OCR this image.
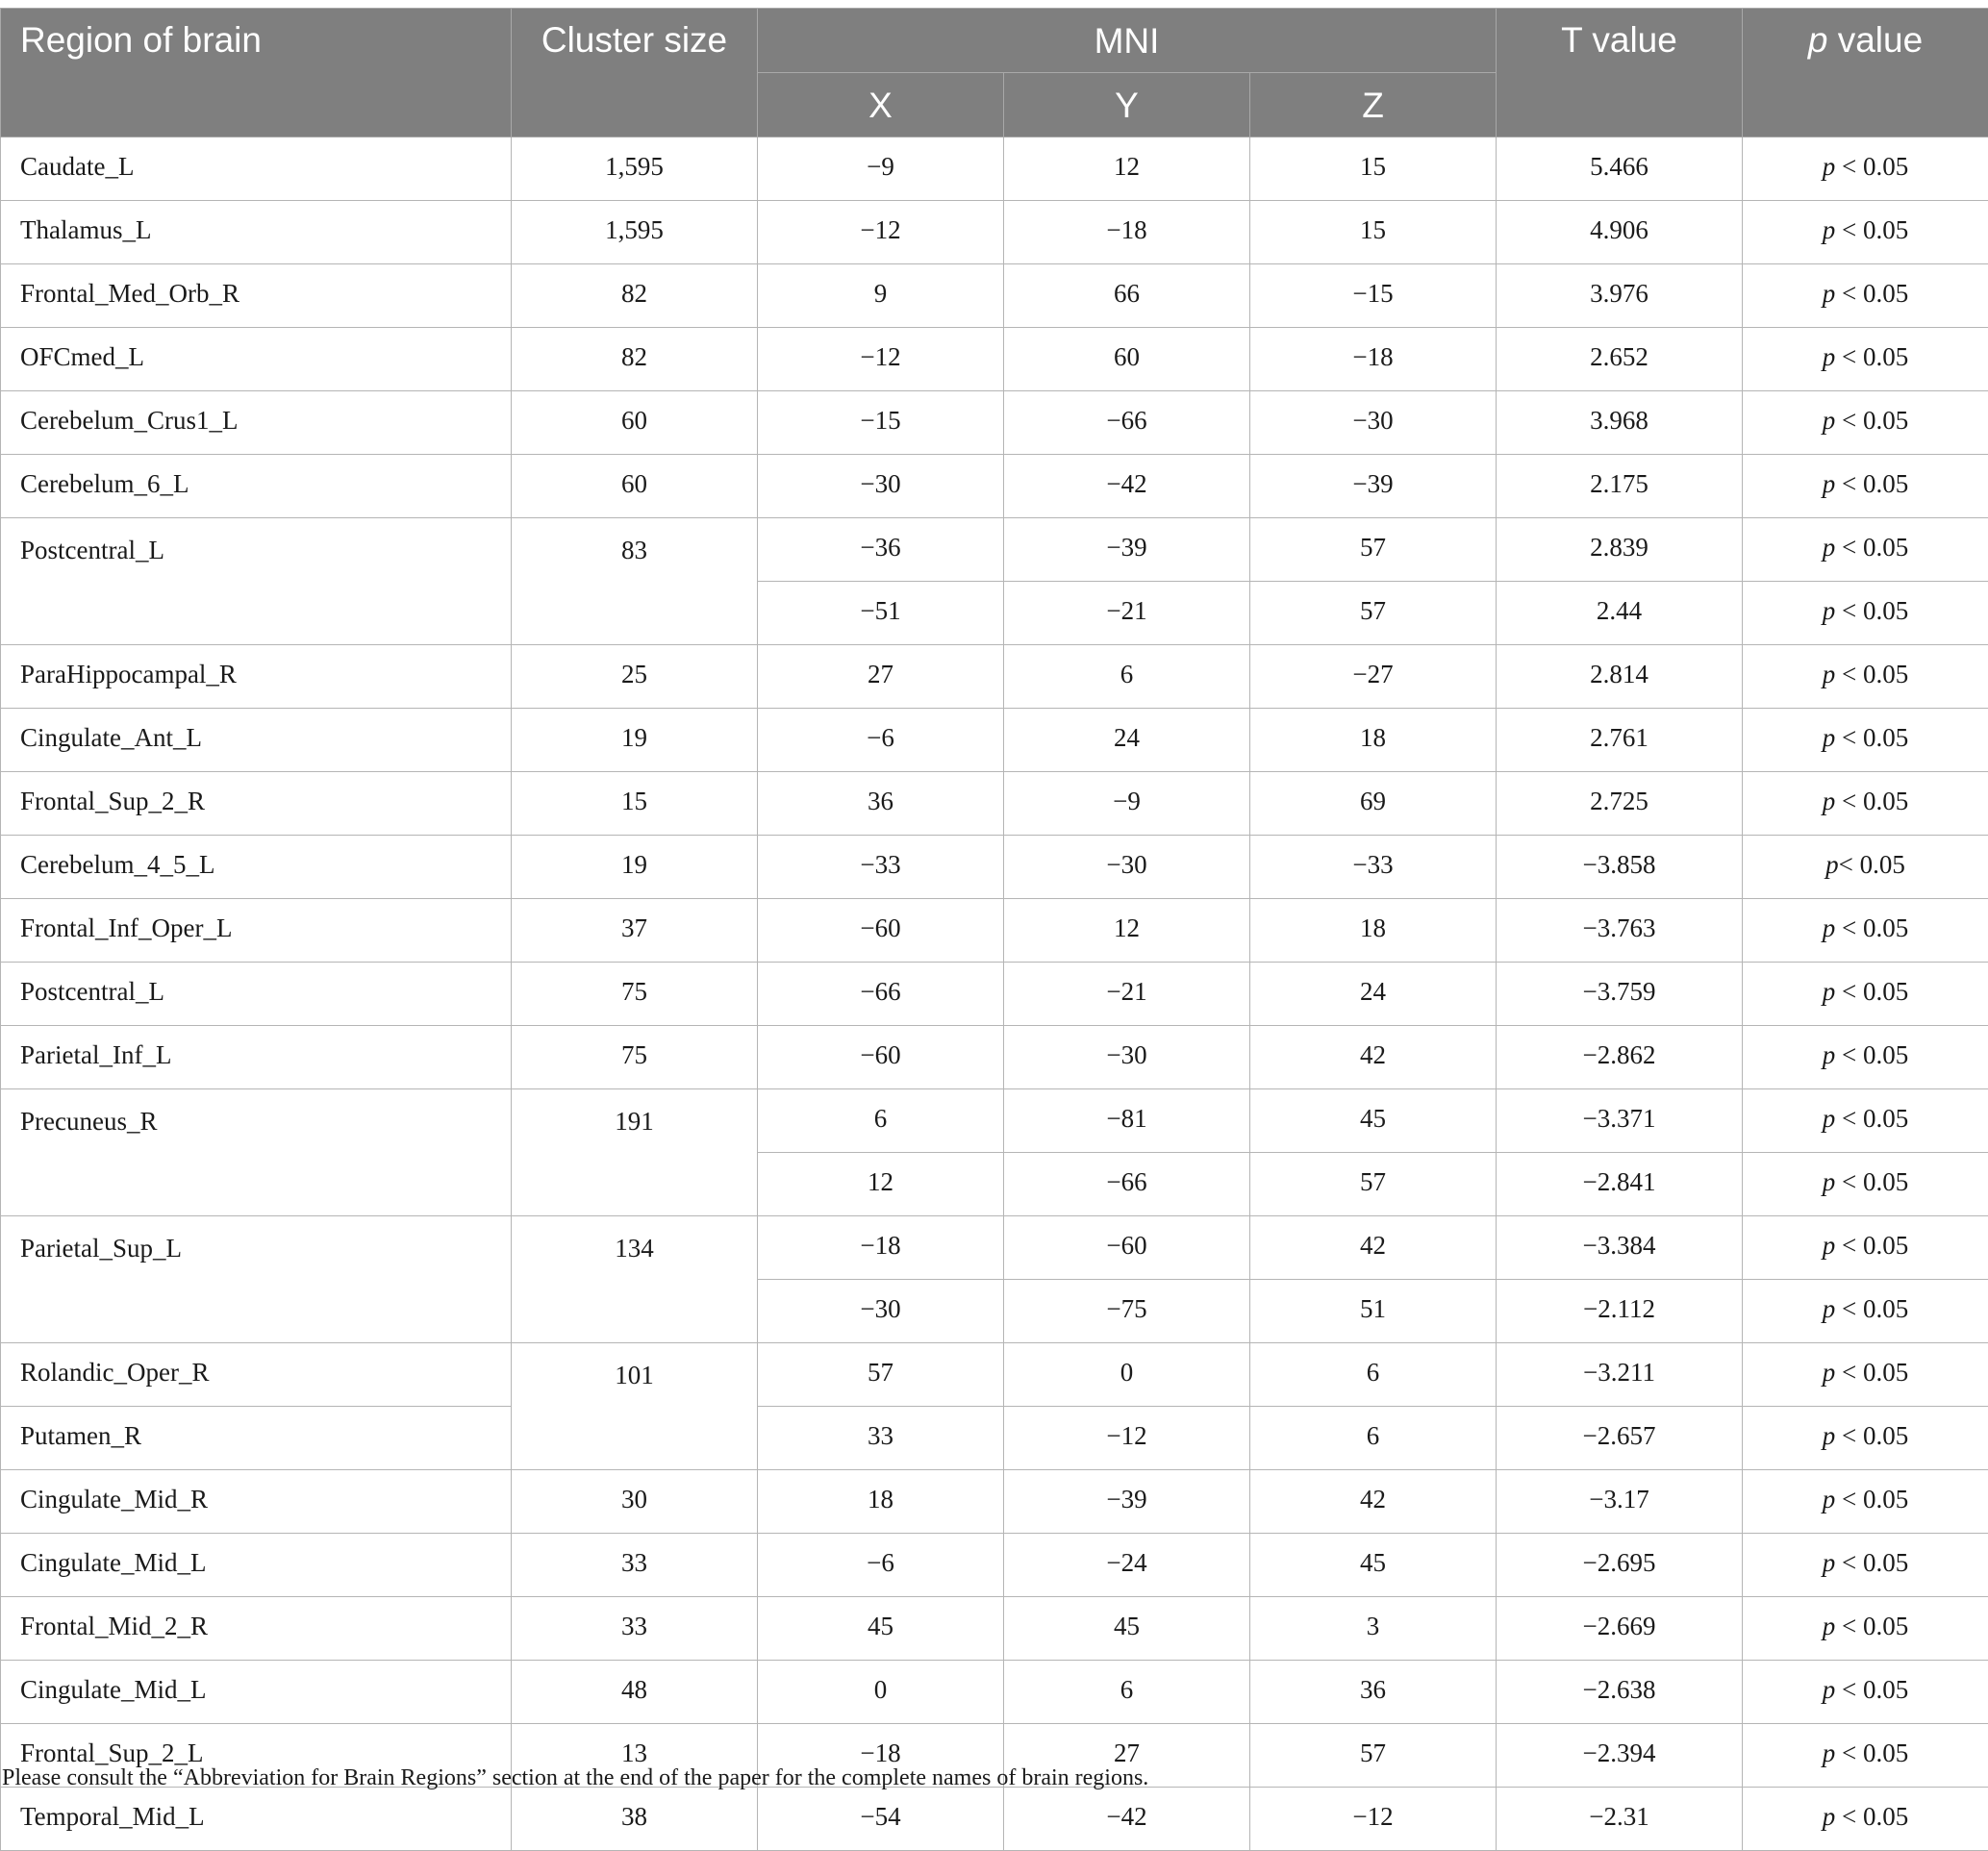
Region of brain	Cluster size	MNI			T value	p value
		X	Y	Z		
Caudate_L	1,595	−9	12	15	5.466	p < 0.05
Thalamus_L	1,595	−12	−18	15	4.906	p < 0.05
Frontal_Med_Orb_R	82	9	66	−15	3.976	p < 0.05
OFCmed_L	82	−12	60	−18	2.652	p < 0.05
Cerebelum_Crus1_L	60	−15	−66	−30	3.968	p < 0.05
Cerebelum_6_L	60	−30	−42	−39	2.175	p < 0.05
Postcentral_L	83	−36	−39	57	2.839	p < 0.05
		−51	−21	57	2.44	p < 0.05
ParaHippocampal_R	25	27	6	−27	2.814	p < 0.05
Cingulate_Ant_L	19	−6	24	18	2.761	p < 0.05
Frontal_Sup_2_R	15	36	−9	69	2.725	p < 0.05
Cerebelum_4_5_L	19	−33	−30	−33	−3.858	p< 0.05
Frontal_Inf_Oper_L	37	−60	12	18	−3.763	p < 0.05
Postcentral_L	75	−66	−21	24	−3.759	p < 0.05
Parietal_Inf_L	75	−60	−30	42	−2.862	p < 0.05
Precuneus_R	191	6	−81	45	−3.371	p < 0.05
		12	−66	57	−2.841	p < 0.05
Parietal_Sup_L	134	−18	−60	42	−3.384	p < 0.05
		−30	−75	51	−2.112	p < 0.05
Rolandic_Oper_R	101	57	0	6	−3.211	p < 0.05
Putamen_R		33	−12	6	−2.657	p < 0.05
Cingulate_Mid_R	30	18	−39	42	−3.17	p < 0.05
Cingulate_Mid_L	33	−6	−24	45	−2.695	p < 0.05
Frontal_Mid_2_R	33	45	45	3	−2.669	p < 0.05
Cingulate_Mid_L	48	0	6	36	−2.638	p < 0.05
Frontal_Sup_2_L	13	−18	27	57	−2.394	p < 0.05
Temporal_Mid_L	38	−54	−42	−12	−2.31	p < 0.05

Please consult the “Abbreviation for Brain Regions” section at the end of the paper for the complete names of brain regions.
